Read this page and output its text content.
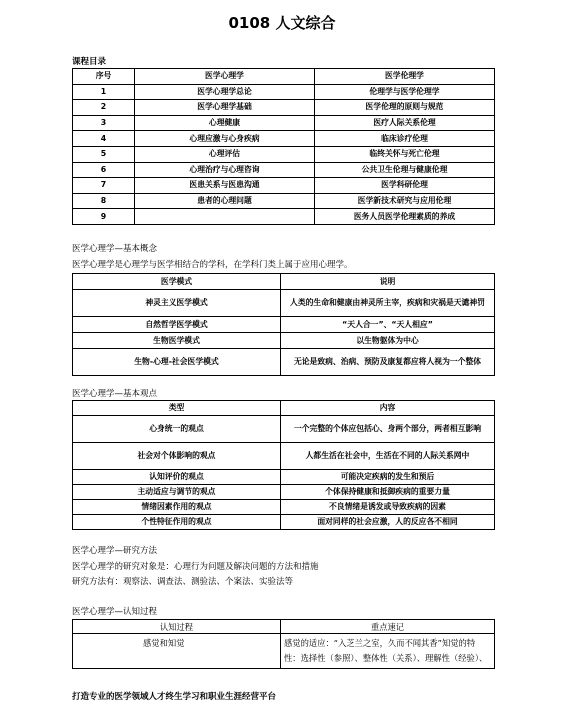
0108 人文综合
课程目录
序号	医学心理学	医学伦理学
1	医学心理学总论	伦理学与医学伦理学
2	医学心理学基础	医学伦理的原则与规范
3	心理健康	医疗人际关系伦理
4	心理应激与心身疾病	临床诊疗伦理
5	心理评估	临终关怀与死亡伦理
6	心理治疗与心理咨询	公共卫生伦理与健康伦理
7	医患关系与医患沟通	医学科研伦理
8	患者的心理问题	医学新技术研究与应用伦理
9		医务人员医学伦理素质的养成
医学心理学—基本概念
医学心理学是心理学与医学相结合的学科，在学科门类上属于应用心理学。
医学模式	说明
神灵主义医学模式	人类的生命和健康由神灵所主宰，疾病和灾祸是天谴神罚
自然哲学医学模式	“天人合一”、“天人相应”
生物医学模式	以生物躯体为中心
生物-心理-社会医学模式	无论是致病、治病、预防及康复都应将人视为一个整体
医学心理学—基本观点
类型	内容
心身统一的观点	一个完整的个体应包括心、身两个部分，两者相互影响
社会对个体影响的观点	人都生活在社会中，生活在不同的人际关系网中
认知评价的观点	可能决定疾病的发生和预后
主动适应与调节的观点	个体保持健康和抵御疾病的重要力量
情绪因素作用的观点	不良情绪是诱发或导致疾病的因素
个性特征作用的观点	面对同样的社会应激，人的反应各不相同
医学心理学—研究方法
医学心理学的研究对象是：心理行为问题及解决问题的方法和措施
研究方法有：观察法、调查法、测验法、个案法、实验法等
医学心理学—认知过程
认知过程	重点速记
感觉和知觉	感觉的适应：“入芝兰之室，久而不闻其香”知觉的特性：选择性（参照）、整体性（关系）、理解性（经验）、
打造专业的医学领域人才终生学习和职业生涯经营平台
